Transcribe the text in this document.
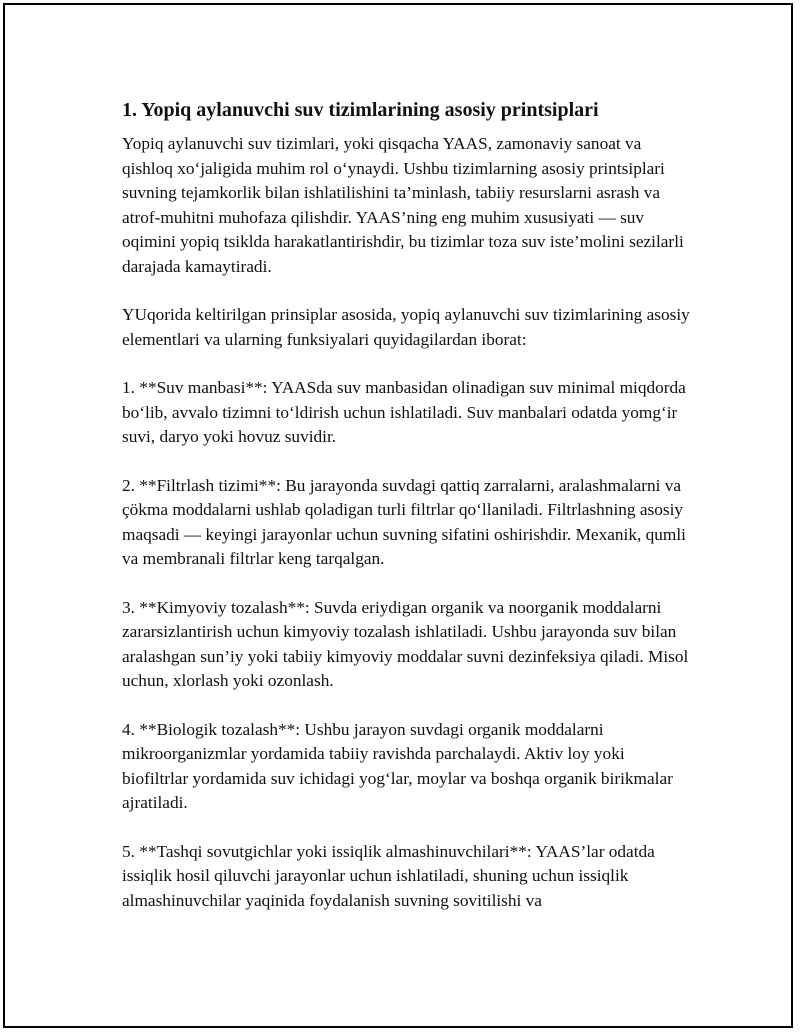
1. Yopiq aylanuvchi suv tizimlarining asosiy printsiplari

Yopiq aylanuvchi suv tizimlari, yoki qisqacha YAAS, zamonaviy sanoat va qishloq xo‘jaligida muhim rol o‘ynaydi. Ushbu tizimlarning asosiy printsiplari suvning tejamkorlik bilan ishlatilishini ta’minlash, tabiiy resurslarni asrash va atrof-muhitni muhofaza qilishdir. YAAS’ning eng muhim xususiyati — suv oqimini yopiq tsiklda harakatlantirishdir, bu tizimlar toza suv iste’molini sezilarli darajada kamaytiradi.

YUqorida keltirilgan prinsiplar asosida, yopiq aylanuvchi suv tizimlarining asosiy elementlari va ularning funksiyalari quyidagilardan iborat:

1. **Suv manbasi**: YAASda suv manbasidan olinadigan suv minimal miqdorda bo‘lib, avvalo tizimni to‘ldirish uchun ishlatiladi. Suv manbalari odatda yomg‘ir suvi, daryo yoki hovuz suvidir.

2. **Filtrlash tizimi**: Bu jarayonda suvdagi qattiq zarralarni, aralashmalarni va çökma moddalarni ushlab qoladigan turli filtrlar qo‘llaniladi. Filtrlashning asosiy maqsadi — keyingi jarayonlar uchun suvning sifatini oshirishdir. Mexanik, qumli va membranali filtrlar keng tarqalgan.

3. **Kimyoviy tozalash**: Suvda eriydigan organik va noorganik moddalarni zararsizlantirish uchun kimyoviy tozalash ishlatiladi. Ushbu jarayonda suv bilan aralashgan sun’iy yoki tabiiy kimyoviy moddalar suvni dezinfeksiya qiladi. Misol uchun, xlorlash yoki ozonlash.

4. **Biologik tozalash**: Ushbu jarayon suvdagi organik moddalarni mikroorganizmlar yordamida tabiiy ravishda parchalaydi. Aktiv loy yoki biofiltrlar yordamida suv ichidagi yog‘lar, moylar va boshqa organik birikmalar ajratiladi.

5. **Tashqi sovutgichlar yoki issiqlik almashinuvchilari**: YAAS’lar odatda issiqlik hosil qiluvchi jarayonlar uchun ishlatiladi, shuning uchun issiqlik almashinuvchilar yaqinida foydalanish suvning sovitilishi va
